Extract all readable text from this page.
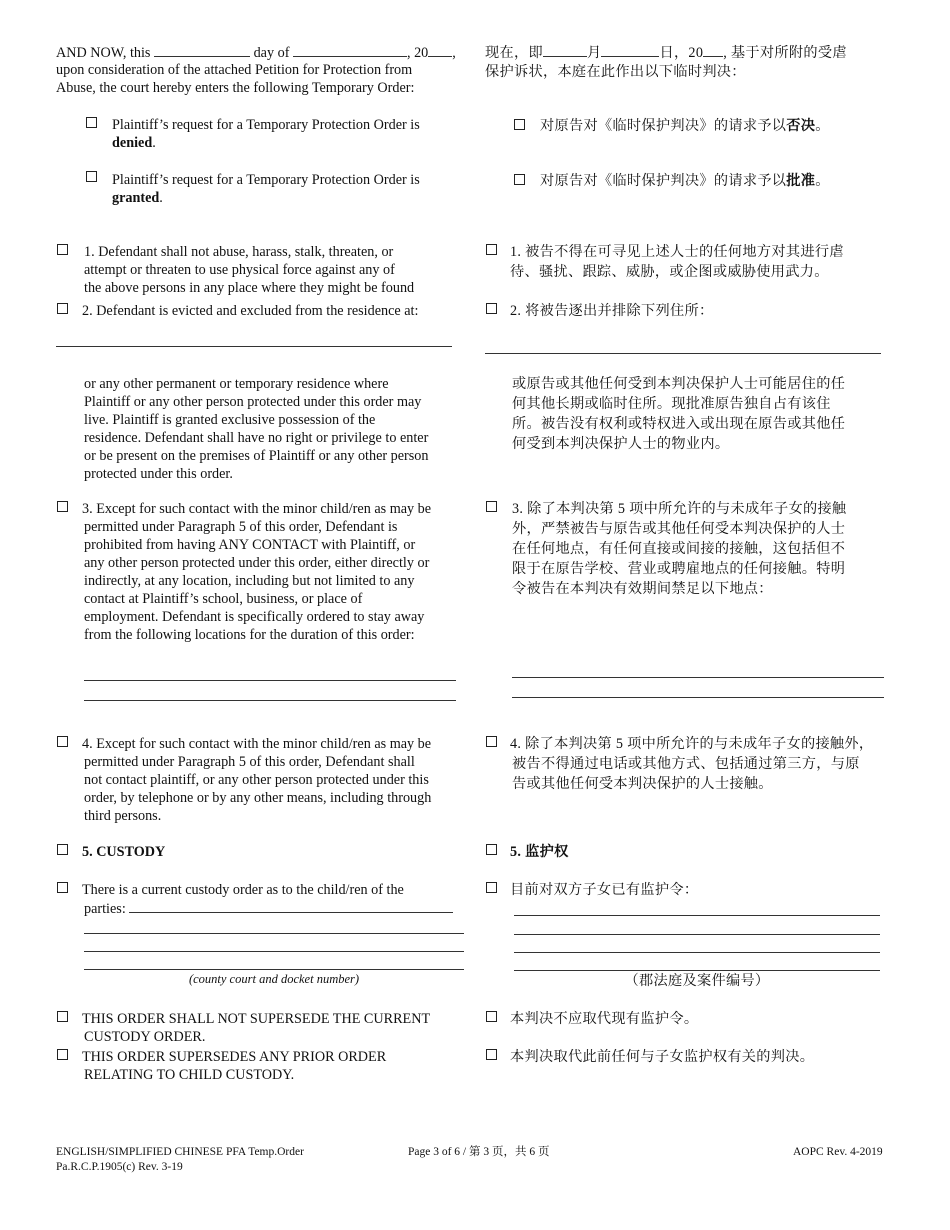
AND NOW, this	day of	, 20 ,
upon consideration of the attached Petition for Protection from
Abuse, the court hereby enters the following Temporary Order:
现在，即	月	日，20 , 基于对所附的受虐
保护诉状，本庭在此作出以下临时判决：
Plaintiff’s request for a Temporary Protection Order is
denied.
对原告对《临时保护判决》的请求予以否决。
Plaintiff’s request for a Temporary Protection Order is
granted.
对原告对《临时保护判决》的请求予以批准。
1. Defendant shall not abuse, harass, stalk, threaten, or
attempt or threaten to use physical force against any of
the above persons in any place where they might be found
1. 被告不得在可寻见上述人士的任何地方对其进行虐
待、骚扰、跟踪、威胁，或企图或威胁使用武力。
2. Defendant is evicted and excluded from the residence at:	2. 将被告逐出并排除下列住所：
or any other permanent or temporary residence where
Plaintiff or any other person protected under this order may
live. Plaintiff is granted exclusive possession of the
residence. Defendant shall have no right or privilege to enter
or be present on the premises of Plaintiff or any other person
protected under this order.
或原告或其他任何受到本判决保护人士可能居住的任
何其他长期或临时住所。现批准原告独自占有该住
所。被告没有权利或特权进入或出现在原告或其他任
何受到本判决保护人士的物业内。
3. Except for such contact with the minor child/ren as may be
permitted under Paragraph 5 of this order, Defendant is
prohibited from having ANY CONTACT with Plaintiff, or
any other person protected under this order, either directly or
indirectly, at any location, including but not limited to any
contact at Plaintiff’s school, business, or place of
employment. Defendant is specifically ordered to stay away
from the following locations for the duration of this order:
3. 除了本判决第 5 项中所允许的与未成年子女的接触
外，严禁被告与原告或其他任何受本判决保护的人士
在任何地点，有任何直接或间接的接触，这包括但不
限于在原告学校、营业或聘雇地点的任何接触。特明
令被告在本判决有效期间禁足以下地点：
4. Except for such contact with the minor child/ren as may be
permitted under Paragraph 5 of this order, Defendant shall
not contact plaintiff, or any other person protected under this
order, by telephone or by any other means, including through
third persons.
4. 除了本判决第 5 项中所允许的与未成年子女的接触外，
被告不得通过电话或其他方式、包括通过第三方，与原
告或其他任何受本判决保护的人士接触。
5. CUSTODY	5. 监护权
There is a current custody order as to the child/ren of the
parties:
(county court and docket number)
目前对双方子女已有监护令：
（郡法庭及案件编号）
THIS ORDER SHALL NOT SUPERSEDE THE CURRENT
CUSTODY ORDER.
本判决不应取代现有监护令。
THIS ORDER SUPERSEDES ANY PRIOR ORDER
RELATING TO CHILD CUSTODY.
本判决取代此前任何与子女监护权有关的判决。
ENGLISH/SIMPLIFIED CHINESE PFA Temp.Order
Pa.R.C.P.1905(c) Rev. 3-19
Page 3 of 6 / 第 3 页，共 6 页	AOPC Rev. 4-2019
